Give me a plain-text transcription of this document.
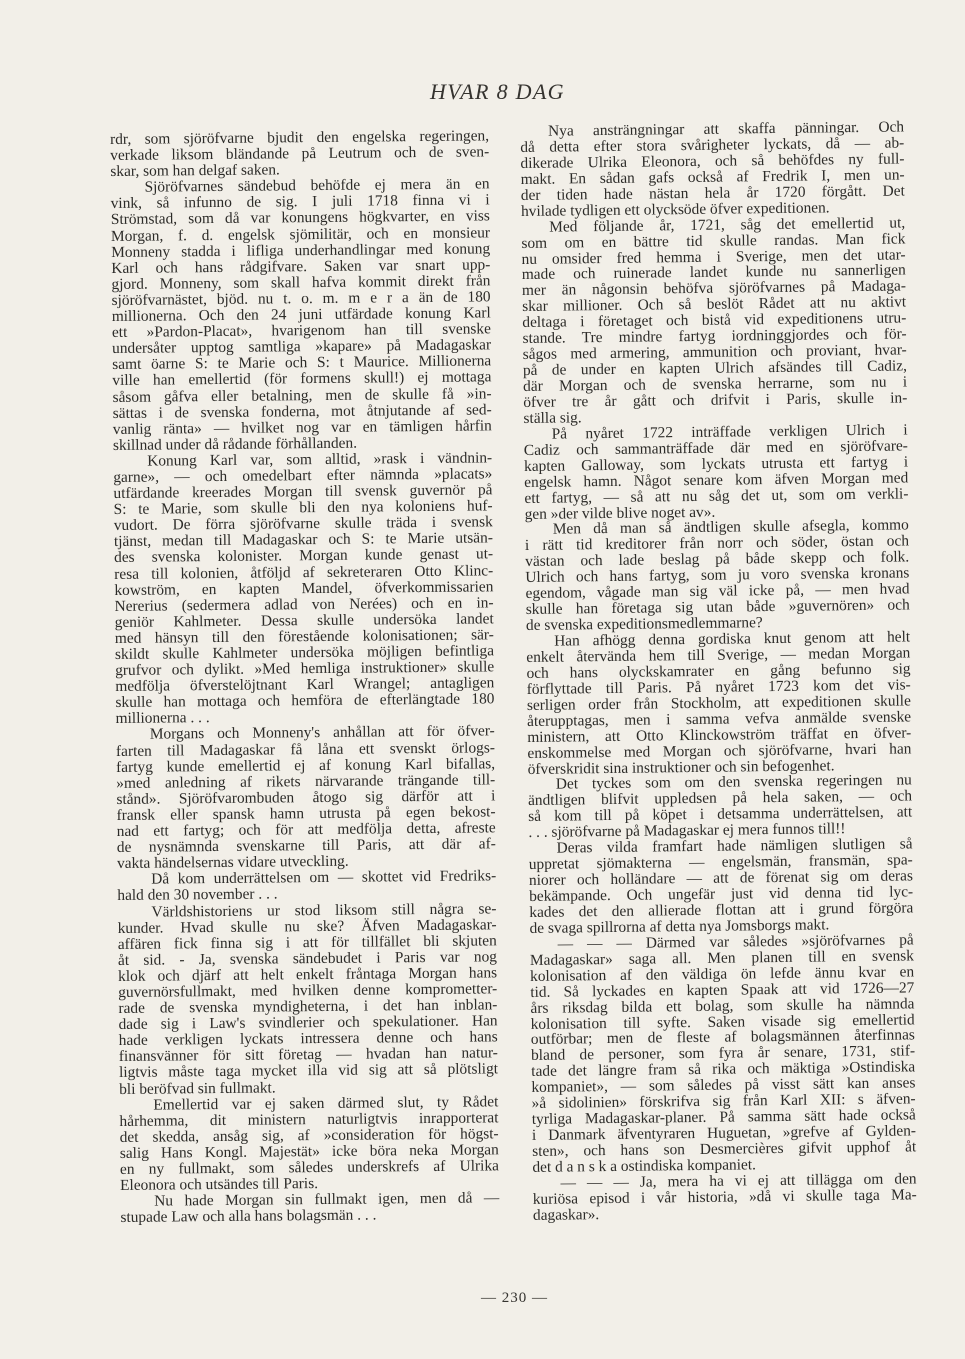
HVAR 8 DAG
rdr, som sjöröfvarne bjudit den engelska regeringen,
verkade liksom bländande på Leutrum och de sven-
skar, som han delgaf saken.
Sjöröfvarnes sändebud behöfde ej mera än en
vink, så infunno de sig. I juli 1718 finna vi i
Strömstad, som då var konungens högkvarter, en viss
Morgan, f. d. engelsk sjömilitär, och en monsieur
Monneny stadda i lifliga underhandlingar med konung
Karl och hans rådgifvare. Saken var snart upp-
gjord. Monneny, som skall hafva kommit direkt från
sjöröfvarnästet, bjöd. nu t. o. m. m e r a än de 180
millionerna. Och den 24 juni utfärdade konung Karl
ett »Pardon-Placat», hvarigenom han till svenske
undersåter upptog samtliga »kapare» på Madagaskar
samt öarne S: te Marie och S: t Maurice. Millionerna
ville han emellertid (för formens skull!) ej mottaga
såsom gåfva eller betalning, men de skulle få »in-
sättas i de svenska fonderna, mot åtnjutande af sed-
vanlig ränta» — hvilket nog var en tämligen hårfin
skillnad under då rådande förhållanden.
Konung Karl var, som alltid, »rask i vändnin-
garne», — och omedelbart efter nämnda »placats»
utfärdande kreerades Morgan till svensk guvernör på
S: te Marie, som skulle bli den nya koloniens huf-
vudort. De förra sjöröfvarne skulle träda i svensk
tjänst, medan till Madagaskar och S: te Marie utsän-
des svenska kolonister. Morgan kunde genast ut-
resa till kolonien, åtföljd af sekreteraren Otto Klinc-
kowström, en kapten Mandel, öfverkommissarien
Nererius (sedermera adlad von Nerées) och en in-
geniör Kahlmeter. Dessa skulle undersöka landet
med hänsyn till den förestående kolonisationen; sär-
skildt skulle Kahlmeter undersöka möjligen befintliga
grufvor och dylikt. »Med hemliga instruktioner» skulle
medfölja öfverstelöjtnant Karl Wrangel; antagligen
skulle han mottaga och hemföra de efterlängtade 180
millionerna . . .
Morgans och Monneny's anhållan att för öfver-
farten till Madagaskar få låna ett svenskt örlogs-
fartyg kunde emellertid ej af konung Karl bifallas,
»med anledning af rikets närvarande trängande till-
stånd». Sjöröfvarombuden åtogo sig därför att i
fransk eller spansk hamn utrusta på egen bekost-
nad ett fartyg; och för att medfölja detta, afreste
de nysnämnda svenskarne till Paris, att där af-
vakta händelsernas vidare utveckling.
Då kom underrättelsen om — skottet vid Fredriks-
hald den 30 november . . .
Världshistoriens ur stod liksom still några se-
kunder. Hvad skulle nu ske? Äfven Madagaskar-
affären fick finna sig i att för tillfället bli skjuten
åt sid. - Ja, svenska sändebudet i Paris var nog
klok och djärf att helt enkelt fråntaga Morgan hans
guvernörsfullmakt, med hvilken denne komprometter-
rade de svenska myndigheterna, i det han inblan-
dade sig i Law's svindlerier och spekulationer. Han
hade verkligen lyckats intressera denne och hans
finansvänner för sitt företag — hvadan han natur-
ligtvis måste taga mycket illa vid sig att så plötsligt
bli beröfvad sin fullmakt.
Emellertid var ej saken därmed slut, ty Rådet
hårhemma, dit ministern naturligtvis inrapporterat
det skedda, ansåg sig, af »consideration för högst-
salig Hans Kongl. Majestät» icke böra neka Morgan
en ny fullmakt, som således underskrefs af Ulrika
Eleonora och utsändes till Paris.
Nu hade Morgan sin fullmakt igen, men då —
stupade Law och alla hans bolagsmän . . .
Nya ansträngningar att skaffa pänningar. Och
då detta efter stora svårigheter lyckats, då — ab-
dikerade Ulrika Eleonora, och så behöfdes ny full-
makt. En sådan gafs också af Fredrik I, men un-
der tiden hade nästan hela år 1720 förgått. Det
hvilade tydligen ett olycksöde öfver expeditionen.
Med följande år, 1721, såg det emellertid ut,
som om en bättre tid skulle randas. Man fick
nu omsider fred hemma i Sverige, men det utar-
made och ruinerade landet kunde nu sannerligen
mer än någonsin behöfva sjöröfvarnes på Madaga-
skar millioner. Och så beslöt Rådet att nu aktivt
deltaga i företaget och bistå vid expeditionens utru-
stande. Tre mindre fartyg iordninggjordes och för-
sågos med armering, ammunition och proviant, hvar-
på de under en kapten Ulrich afsändes till Cadiz,
där Morgan och de svenska herrarne, som nu i
öfver tre år gått och drifvit i Paris, skulle in-
ställa sig.
På nyåret 1722 inträffade verkligen Ulrich i
Cadiz och sammanträffade där med en sjöröfvare-
kapten Galloway, som lyckats utrusta ett fartyg i
engelsk hamn. Något senare kom äfven Morgan med
ett fartyg, — så att nu såg det ut, som om verkli-
gen »der vilde blive noget av».
Men då man så ändtligen skulle afsegla, kommo
i rätt tid kreditorer från norr och söder, östan och
västan och lade beslag på både skepp och folk.
Ulrich och hans fartyg, som ju voro svenska kronans
egendom, vågade man sig väl icke på, — men hvad
skulle han företaga sig utan både »guvernören» och
de svenska expeditionsmedlemmarne?
Han afhögg denna gordiska knut genom att helt
enkelt återvända hem till Sverige, — medan Morgan
och hans olyckskamrater en gång befunno sig
förflyttade till Paris. På nyåret 1723 kom det vis-
serligen order från Stockholm, att expeditionen skulle
återupptagas, men i samma vefva anmälde svenske
ministern, att Otto Klinckowström träffat en öfver-
enskommelse med Morgan och sjöröfvarne, hvari han
öfverskridit sina instruktioner och sin befogenhet.
Det tyckes som om den svenska regeringen nu
ändtligen blifvit uppledsen på hela saken, — och
så kom till på köpet i detsamma underrättelsen, att
. . . sjöröfvarne på Madagaskar ej mera funnos till!!
Deras vilda framfart hade nämligen slutligen så
uppretat sjömakterna — engelsmän, fransmän, spa-
niorer och holländare — att de förenat sig om deras
bekämpande. Och ungefär just vid denna tid lyc-
kades det den allierade flottan att i grund förgöra
de svaga spillrorna af detta nya Jomsborgs makt.
— — — Därmed var således »sjöröfvarnes på
Madagaskar» saga all. Men planen till en svensk
kolonisation af den väldiga ön lefde ännu kvar en
tid. Så lyckades en kapten Spaak att vid 1726—27
års riksdag bilda ett bolag, som skulle ha nämnda
kolonisation till syfte. Saken visade sig emellertid
outförbar; men de fleste af bolagsmännen återfinnas
bland de personer, som fyra år senare, 1731, stif-
tade det längre fram så rika och mäktiga »Ostindiska
kompaniet», — som således på visst sätt kan anses
»å sidolinien» förskrifva sig från Karl XII: s äfven-
tyrliga Madagaskar-planer. På samma sätt hade också
i Danmark äfventyraren Huguetan, »grefve af Gylden-
sten», och hans son Desmercières gifvit upphof åt
det d a n s k a ostindiska kompaniet.
— — — Ja, mera ha vi ej att tillägga om den
kuriösa episod i vår historia, »då vi skulle taga Ma-
dagaskar».
— 230 —
